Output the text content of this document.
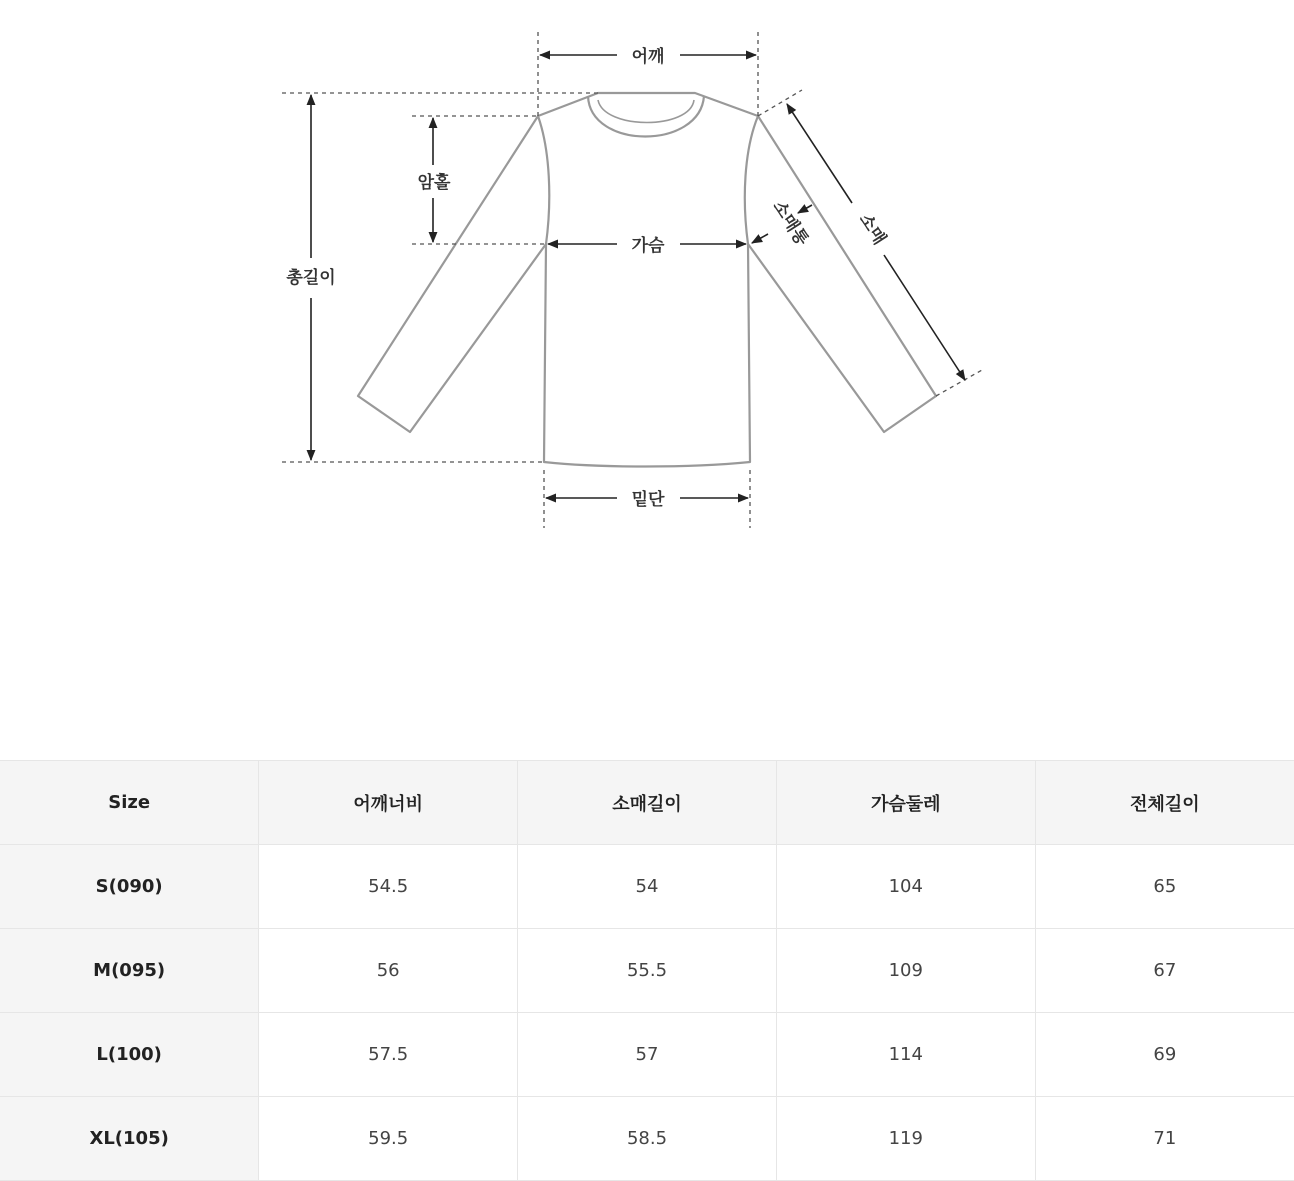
어깨
암홀
가슴
총길이
밑단
소매
소매통
Size	어깨너비	소매길이	가슴둘레	전체길이
S(090)	54.5	54	104	65
M(095)	56	55.5	109	67
L(100)	57.5	57	114	69
XL(105)	59.5	58.5	119	71
